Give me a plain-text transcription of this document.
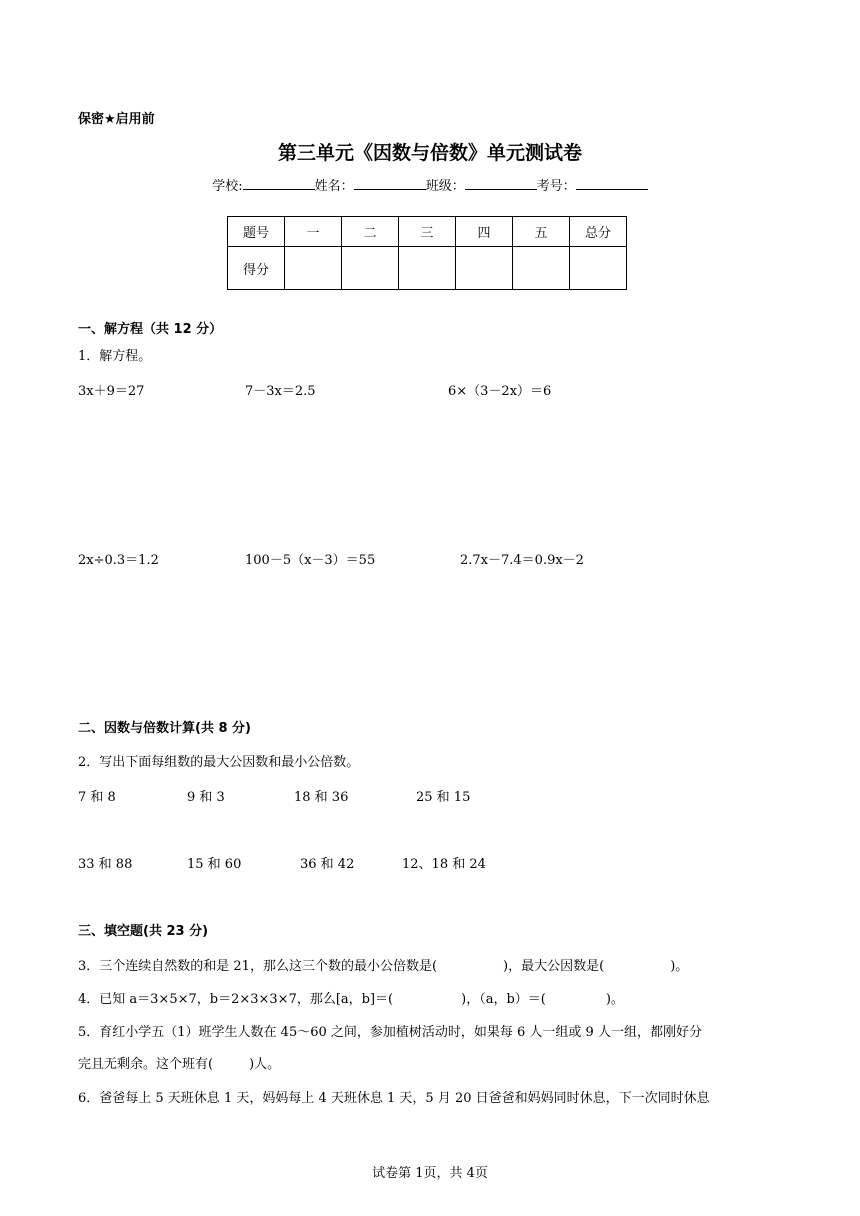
保密★启用前
第三单元《因数与倍数》单元测试卷
学校:	姓名：	班级：	考号：
题号	一	二	三	四	五	总分
得分						
一、解方程（共 12 分）
1．解方程。
3x＋9＝27	7－3x＝2.5	6×（3－2x）＝6
2x÷0.3＝1.2	100－5（x－3）＝55	2.7x－7.4＝0.9x－2
二、因数与倍数计算(共 8 分)
2．写出下面每组数的最大公因数和最小公倍数。
7 和 8	9 和 3	18 和 36	25 和 15
33 和 88	15 和 60	36 和 42	12、18 和 24
三、填空题(共 23 分)
3．三个连续自然数的和是 21，那么这三个数的最小公倍数是(	)，最大公因数是(	)。
4．已知 a＝3×5×7，b＝2×3×3×7，那么[a，b]＝(	)，（a，b）＝(	)。
5．育红小学五（1）班学生人数在 45～60 之间，参加植树活动时，如果每 6 人一组或 9 人一组，都刚好分
完且无剩余。这个班有(	)人。
6．爸爸每上 5 天班休息 1 天，妈妈每上 4 天班休息 1 天，5 月 20 日爸爸和妈妈同时休息，下一次同时休息
试卷第 1页，共 4页
